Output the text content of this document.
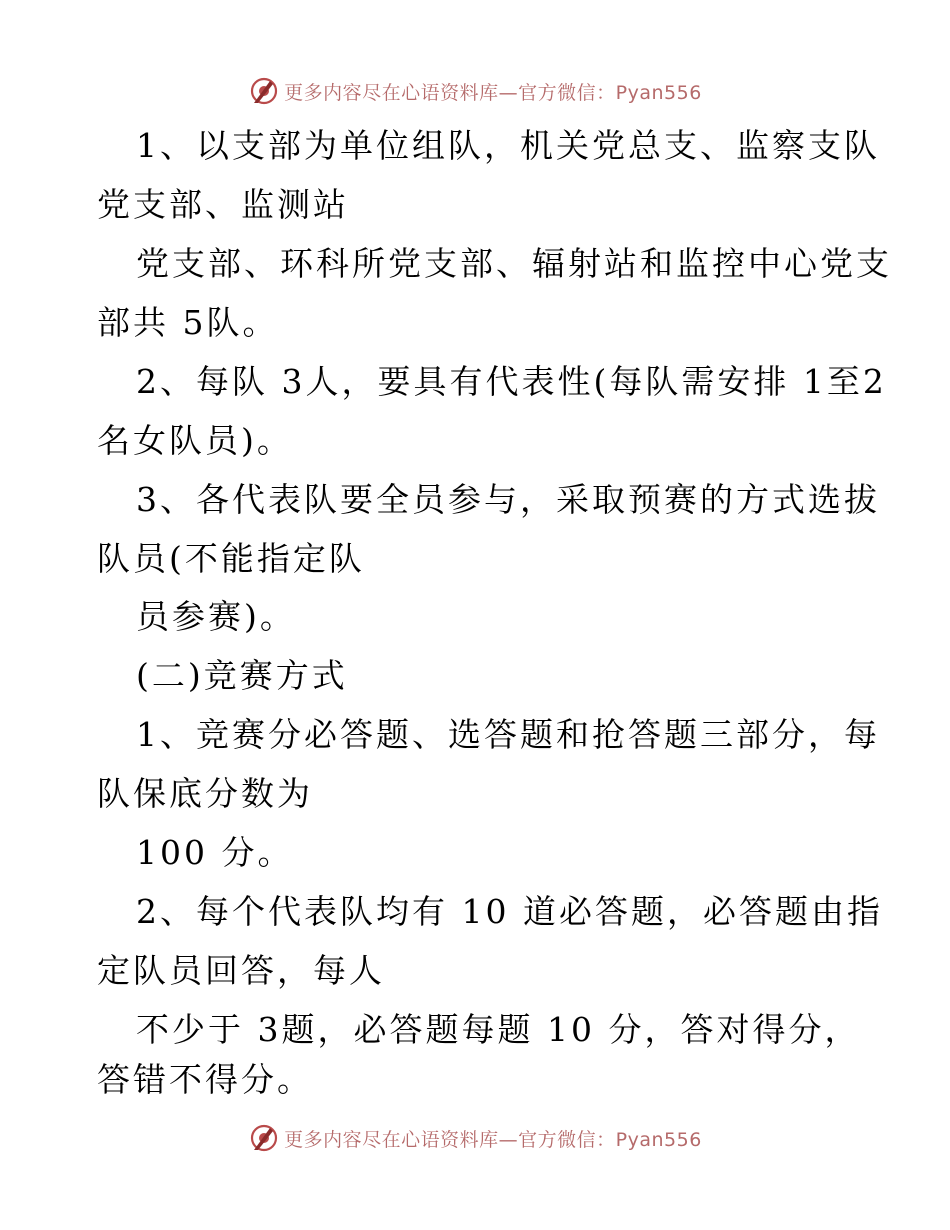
更多内容尽在心语资料库—官方微信：Pyan556
1、以支部为单位组队，机关党总支、监察支队
党支部、监测站
党支部、环科所党支部、辐射站和监控中心党支
部共 5队。
2、每队 3人，要具有代表性(每队需安排 1至2
名女队员)。
3、各代表队要全员参与，采取预赛的方式选拔
队员(不能指定队
员参赛)。
(二)竞赛方式
1、竞赛分必答题、选答题和抢答题三部分，每
队保底分数为
100 分。
2、每个代表队均有 10 道必答题，必答题由指
定队员回答，每人
不少于 3题，必答题每题 10 分，答对得分，
答错不得分。
更多内容尽在心语资料库—官方微信：Pyan556
